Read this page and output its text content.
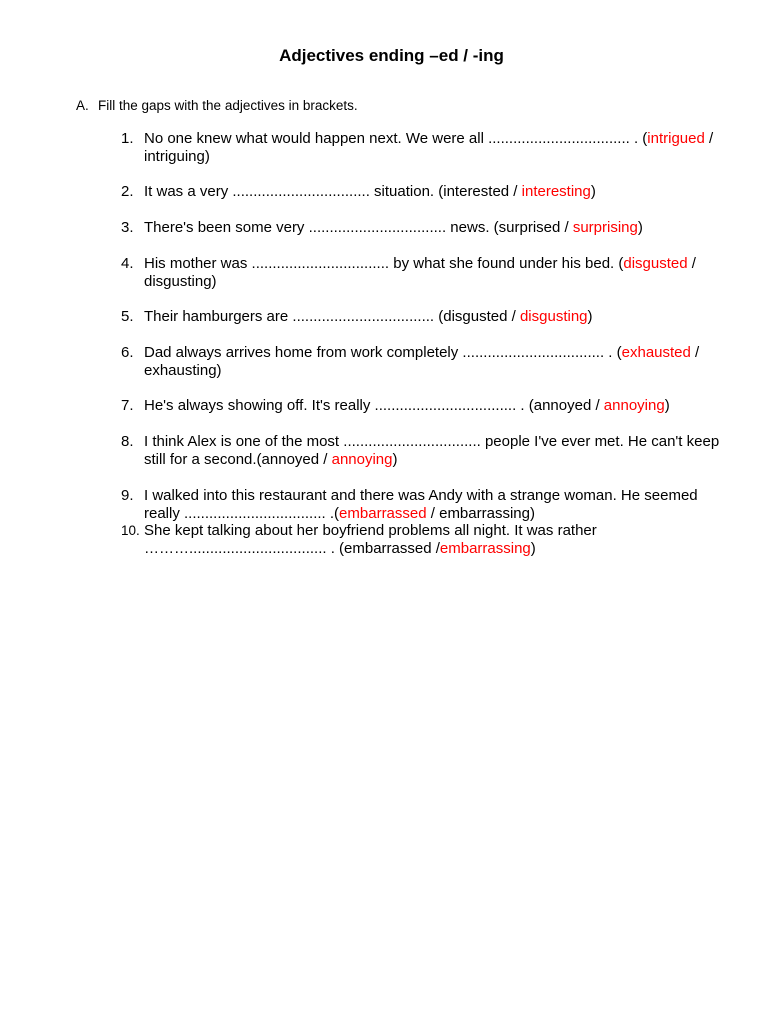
Adjectives ending –ed / -ing
A. Fill the gaps with the adjectives in brackets.
1. No one knew what would happen next. We were all .................................. . (intrigued / intriguing)
2. It was a very ................................. situation. (interested / interesting)
3. There's been some very ................................. news. (surprised / surprising)
4. His mother was ................................. by what she found under his bed. (disgusted / disgusting)
5. Their hamburgers are .................................. (disgusted / disgusting)
6. Dad always arrives home from work completely .................................. . (exhausted / exhausting)
7. He's always showing off. It's really .................................. . (annoyed / annoying)
8. I think Alex is one of the most ................................. people I've ever met. He can't keep still for a second.(annoyed / annoying)
9. I walked into this restaurant and there was Andy with a strange woman. He seemed really .................................. .(embarrassed / embarrassing)
10. She kept talking about her boyfriend problems all night. It was rather ………................................. . (embarrassed /embarrassing)
